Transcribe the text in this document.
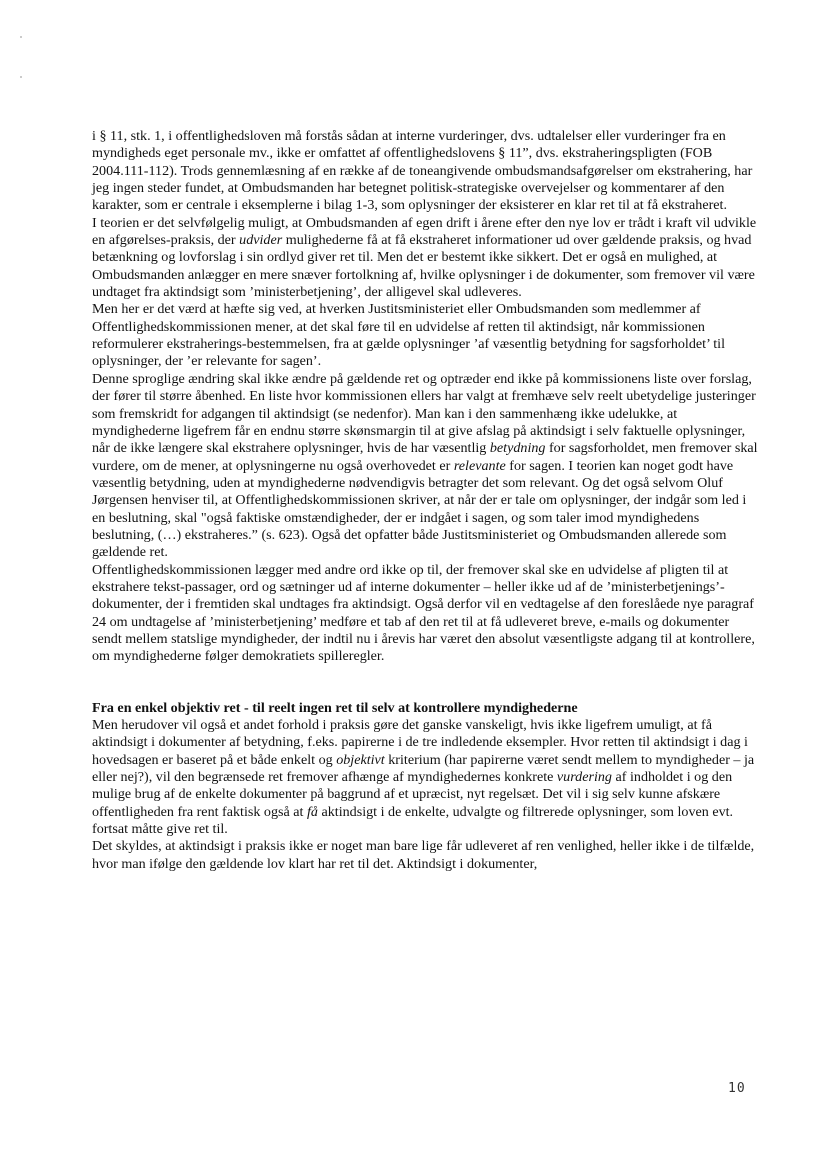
i § 11, stk. 1, i offentlighedsloven må forstås sådan at interne vurderinger, dvs. udtalelser eller vurderinger fra en myndigheds eget personale mv., ikke er omfattet af offentlighedslovens § 11”, dvs. ekstraheringspligten (FOB 2004.111-112). Trods gennemlæsning af en række af de toneangivende ombudsmandsafgørelser om ekstrahering, har jeg ingen steder fundet, at Ombudsmanden har betegnet politisk-strategiske overvejelser og kommentarer af den karakter, som er centrale i eksemplerne i bilag 1-3, som oplysninger der eksisterer en klar ret til at få ekstraheret.

I teorien er det selvfølgelig muligt, at Ombudsmanden af egen drift i årene efter den nye lov er trådt i kraft vil udvikle en afgørelses-praksis, der udvider mulighederne få at få ekstraheret informationer ud over gældende praksis, og hvad betænkning og lovforslag i sin ordlyd giver ret til. Men det er bestemt ikke sikkert. Det er også en mulighed, at Ombudsmanden anlægger en mere snæver fortolkning af, hvilke oplysninger i de dokumenter, som fremover vil være undtaget fra aktindsigt som ’ministerbetjening’, der alligevel skal udleveres.

Men her er det værd at hæfte sig ved, at hverken Justitsministeriet eller Ombudsmanden som medlemmer af Offentlighedskommissionen mener, at det skal føre til en udvidelse af retten til aktindsigt, når kommissionen reformulerer ekstraherings-bestemmelsen, fra at gælde oplysninger ’af væsentlig betydning for sagsforholdet’ til oplysninger, der ’er relevante for sagen’.

Denne sproglige ændring skal ikke ændre på gældende ret og optræder end ikke på kommissionens liste over forslag, der fører til større åbenhed. En liste hvor kommissionen ellers har valgt at fremhæve selv reelt ubetydelige justeringer som fremskridt for adgangen til aktindsigt (se nedenfor). Man kan i den sammenhæng ikke udelukke, at myndighederne ligefrem får en endnu større skønsmargin til at give afslag på aktindsigt i selv faktuelle oplysninger, når de ikke længere skal ekstrahere oplysninger, hvis de har væsentlig betydning for sagsforholdet, men fremover skal vurdere, om de mener, at oplysningerne nu også overhovedet er relevante for sagen. I teorien kan noget godt have væsentlig betydning, uden at myndighederne nødvendigvis betragter det som relevant. Og det også selvom Oluf Jørgensen henviser til, at Offentlighedskommissionen skriver, at når der er tale om oplysninger, der indgår som led i en beslutning, skal "også faktiske omstændigheder, der er indgået i sagen, og som taler imod myndighedens beslutning, (…) ekstraheres.” (s. 623). Også det opfatter både Justitsministeriet og Ombudsmanden allerede som gældende ret.

Offentlighedskommissionen lægger med andre ord ikke op til, der fremover skal ske en udvidelse af pligten til at ekstrahere tekst-passager, ord og sætninger ud af interne dokumenter – heller ikke ud af de ’ministerbetjenings’-dokumenter, der i fremtiden skal undtages fra aktindsigt. Også derfor vil en vedtagelse af den foreslåede nye paragraf 24 om undtagelse af ’ministerbetjening’ medføre et tab af den ret til at få udleveret breve, e-mails og dokumenter sendt mellem statslige myndigheder, der indtil nu i årevis har været den absolut væsentligste adgang til at kontrollere, om myndighederne følger demokratiets spilleregler.

Fra en enkel objektiv ret - til reelt ingen ret til selv at kontrollere myndighederne

Men herudover vil også et andet forhold i praksis gøre det ganske vanskeligt, hvis ikke ligefrem umuligt, at få aktindsigt i dokumenter af betydning, f.eks. papirerne i de tre indledende eksempler. Hvor retten til aktindsigt i dag i hovedsagen er baseret på et både enkelt og objektivt kriterium (har papirerne været sendt mellem to myndigheder – ja eller nej?), vil den begrænsede ret fremover afhænge af myndighedernes konkrete vurdering af indholdet i og den mulige brug af de enkelte dokumenter på baggrund af et upræcist, nyt regelsæt. Det vil i sig selv kunne afskære offentligheden fra rent faktisk også at få aktindsigt i de enkelte, udvalgte og filtrerede oplysninger, som loven evt. fortsat måtte give ret til.

Det skyldes, at aktindsigt i praksis ikke er noget man bare lige får udleveret af ren venlighed, heller ikke i de tilfælde, hvor man ifølge den gældende lov klart har ret til det. Aktindsigt i dokumenter,

10
